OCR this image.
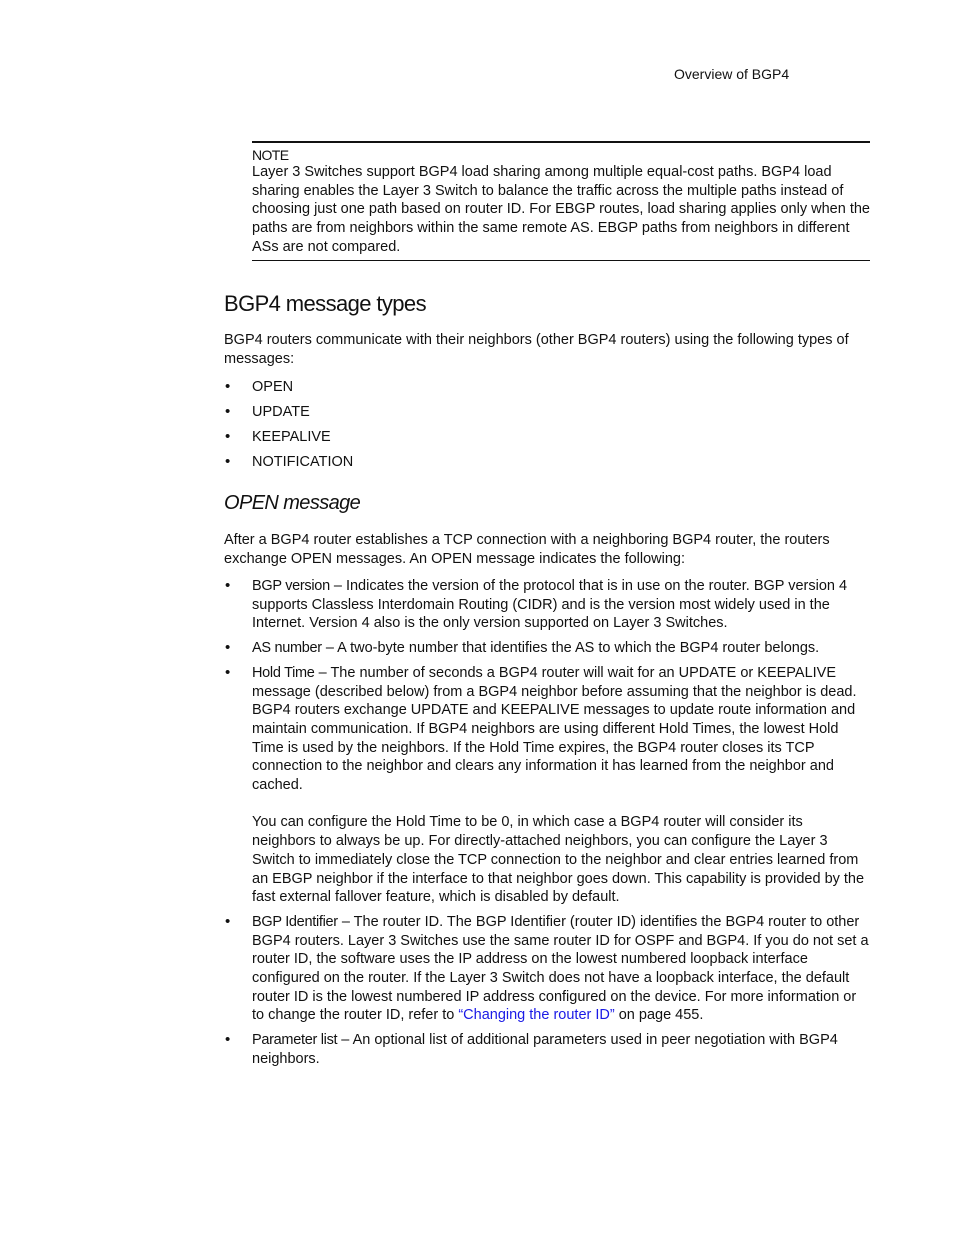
Overview of BGP4
NOTE

Layer 3 Switches support BGP4 load sharing among multiple equal-cost paths. BGP4 load sharing enables the Layer 3 Switch to balance the traffic across the multiple paths instead of choosing just one path based on router ID. For EBGP routes, load sharing applies only when the paths are from neighbors within the same remote AS. EBGP paths from neighbors in different ASs are not compared.

BGP4 message types

BGP4 routers communicate with their neighbors (other BGP4 routers) using the following types of messages:

• OPEN
• UPDATE
• KEEPALIVE
• NOTIFICATION
OPEN message

After a BGP4 router establishes a TCP connection with a neighboring BGP4 router, the routers exchange OPEN messages. An OPEN message indicates the following:

• BGP version – Indicates the version of the protocol that is in use on the router. BGP version 4 supports Classless Interdomain Routing (CIDR) and is the version most widely used in the Internet. Version 4 also is the only version supported on Layer 3 Switches.
• AS number – A two-byte number that identifies the AS to which the BGP4 router belongs.
• Hold Time – The number of seconds a BGP4 router will wait for an UPDATE or KEEPALIVE message (described below) from a BGP4 neighbor before assuming that the neighbor is dead. BGP4 routers exchange UPDATE and KEEPALIVE messages to update route information and maintain communication. If BGP4 neighbors are using different Hold Times, the lowest Hold Time is used by the neighbors. If the Hold Time expires, the BGP4 router closes its TCP connection to the neighbor and clears any information it has learned from the neighbor and cached.
You can configure the Hold Time to be 0, in which case a BGP4 router will consider its neighbors to always be up. For directly-attached neighbors, you can configure the Layer 3 Switch to immediately close the TCP connection to the neighbor and clear entries learned from an EBGP neighbor if the interface to that neighbor goes down. This capability is provided by the fast external fallover feature, which is disabled by default.
• BGP Identifier – The router ID. The BGP Identifier (router ID) identifies the BGP4 router to other BGP4 routers. Layer 3 Switches use the same router ID for OSPF and BGP4. If you do not set a router ID, the software uses the IP address on the lowest numbered loopback interface configured on the router. If the Layer 3 Switch does not have a loopback interface, the default router ID is the lowest numbered IP address configured on the device. For more information or to change the router ID, refer to “Changing the router ID” on page 455.
• Parameter list – An optional list of additional parameters used in peer negotiation with BGP4 neighbors.
